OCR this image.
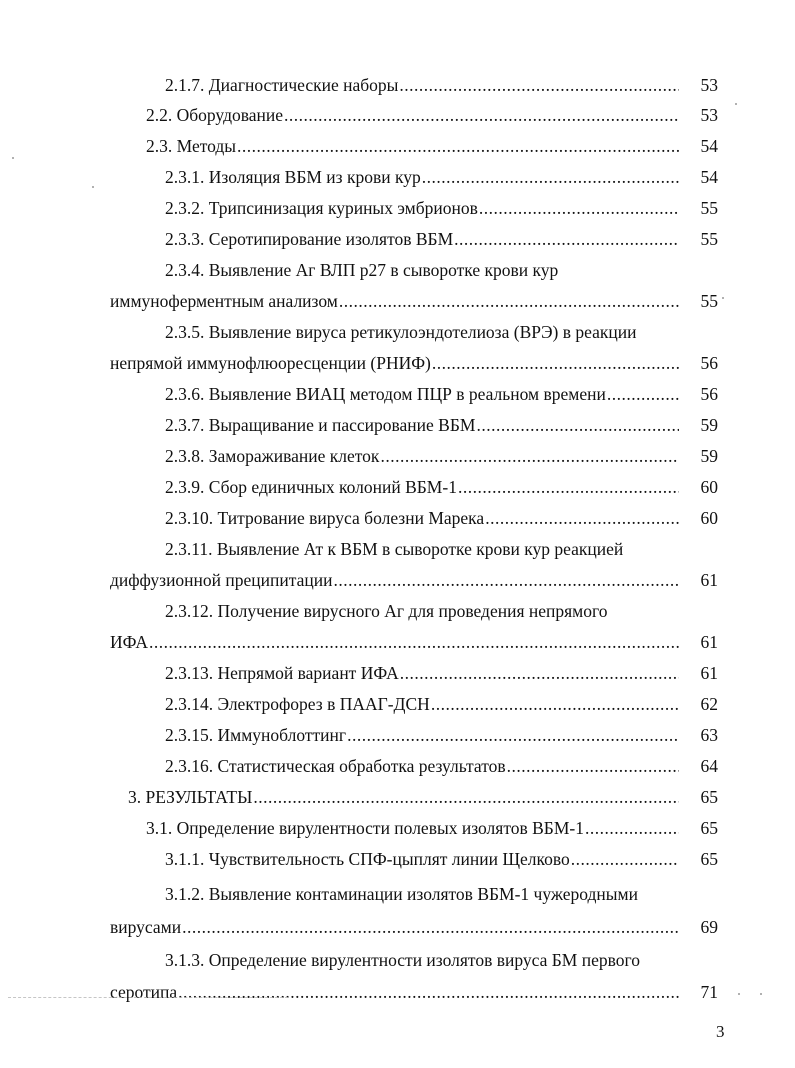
2.1.7. Диагностические наборы .....	53
2.2. Оборудование .....	53
2.3. Методы .....	54
2.3.1. Изоляция ВБМ из крови кур .....	54
2.3.2. Трипсинизация куриных эмбрионов .....	55
2.3.3. Серотипирование изолятов ВБМ .....	55
2.3.4. Выявление Аг ВЛП p27 в сыворотке крови кур
иммуноферментным анализом .....	55
2.3.5. Выявление вируса ретикулоэндотелиоза (ВРЭ) в реакции
непрямой иммунофлюоресценции (РНИФ) .....	56
2.3.6. Выявление ВИАЦ методом ПЦР в реальном времени .....	56
2.3.7. Выращивание и пассирование ВБМ .....	59
2.3.8. Замораживание клеток .....	59
2.3.9. Сбор единичных колоний ВБМ-1 .....	60
2.3.10. Титрование вируса болезни Марека .....	60
2.3.11. Выявление Ат к ВБМ в сыворотке крови кур реакцией
диффузионной преципитации .....	61
2.3.12. Получение вирусного Аг для проведения непрямого
ИФА .....	61
2.3.13. Непрямой вариант ИФА .....	61
2.3.14. Электрофорез в ПААГ-ДСН .....	62
2.3.15. Иммуноблоттинг .....	63
2.3.16. Статистическая обработка результатов .....	64
3. РЕЗУЛЬТАТЫ .....	65
3.1. Определение вирулентности полевых изолятов ВБМ-1 .....	65
3.1.1. Чувствительность СПФ-цыплят линии Щелково .....	65
3.1.2. Выявление контаминации изолятов ВБМ-1 чужеродными
вирусами .....	69
3.1.3. Определение вирулентности изолятов вируса БМ первого
серотипа .....	71
3
